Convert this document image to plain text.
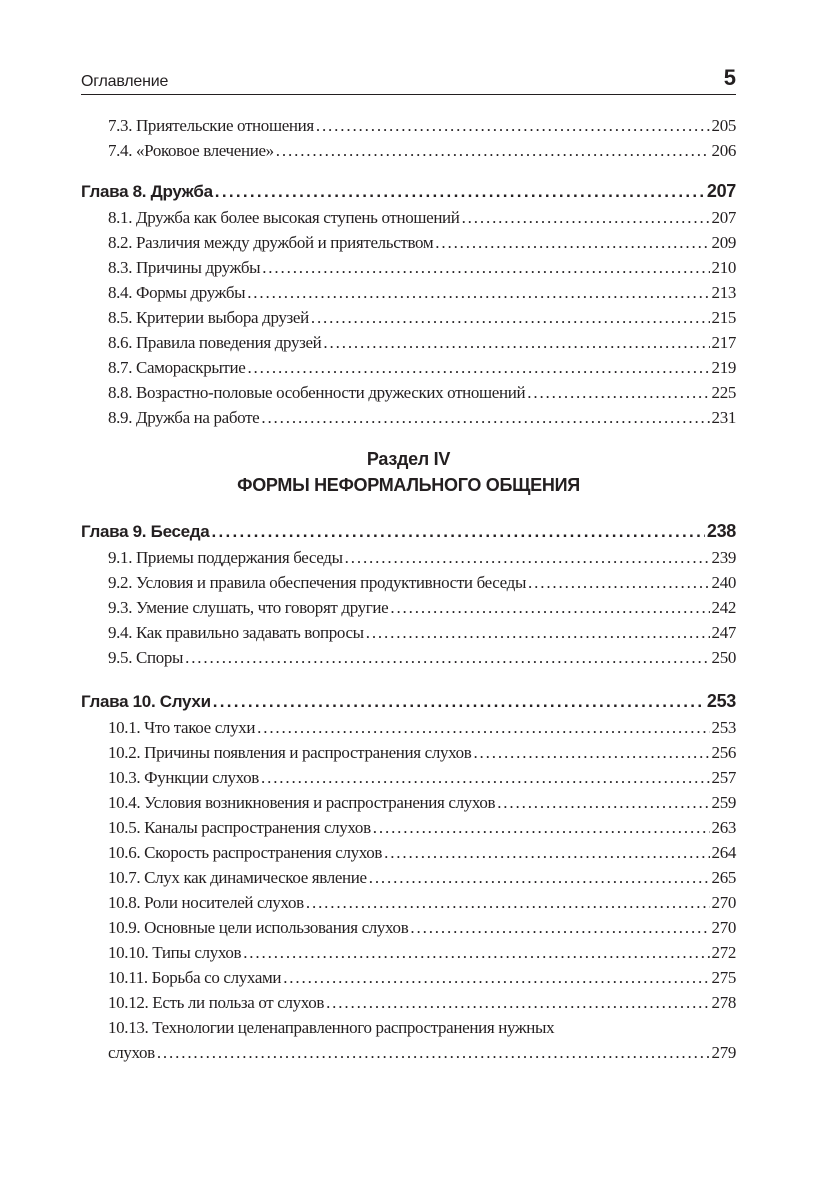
Оглавление	5
7.3. Приятельские отношения . . .	205
7.4. «Роковое влечение» . . .	206
Глава 8. Дружба .....	207
8.1. Дружба как более высокая ступень отношений . . .	207
8.2. Различия между дружбой и приятельством . . .	209
8.3. Причины дружбы . . .	210
8.4. Формы дружбы . . .	213
8.5. Критерии выбора друзей . . .	215
8.6. Правила поведения друзей . . .	217
8.7. Самораскрытие . . .	219
8.8. Возрастно-половые особенности дружеских отношений . . .	225
8.9. Дружба на работе . . .	231
Раздел IV
ФОРМЫ НЕФОРМАЛЬНОГО ОБЩЕНИЯ
Глава 9. Беседа .....	238
9.1. Приемы поддержания беседы . . .	239
9.2. Условия и правила обеспечения продуктивности беседы . . .	240
9.3. Умение слушать, что говорят другие . . .	242
9.4. Как правильно задавать вопросы . . .	247
9.5. Споры . . .	250
Глава 10. Слухи .....	253
10.1. Что такое слухи . . .	253
10.2. Причины появления и распространения слухов . . .	256
10.3. Функции слухов . . .	257
10.4. Условия возникновения и распространения слухов . . .	259
10.5. Каналы распространения слухов . . .	263
10.6. Скорость распространения слухов . . .	264
10.7. Слух как динамическое явление . . .	265
10.8. Роли носителей слухов . . .	270
10.9. Основные цели использования слухов . . .	270
10.10. Типы слухов . . .	272
10.11. Борьба со слухами . . .	275
10.12. Есть ли польза от слухов . . .	278
10.13. Технологии целенаправленного распространения нужных
слухов . . .	279
